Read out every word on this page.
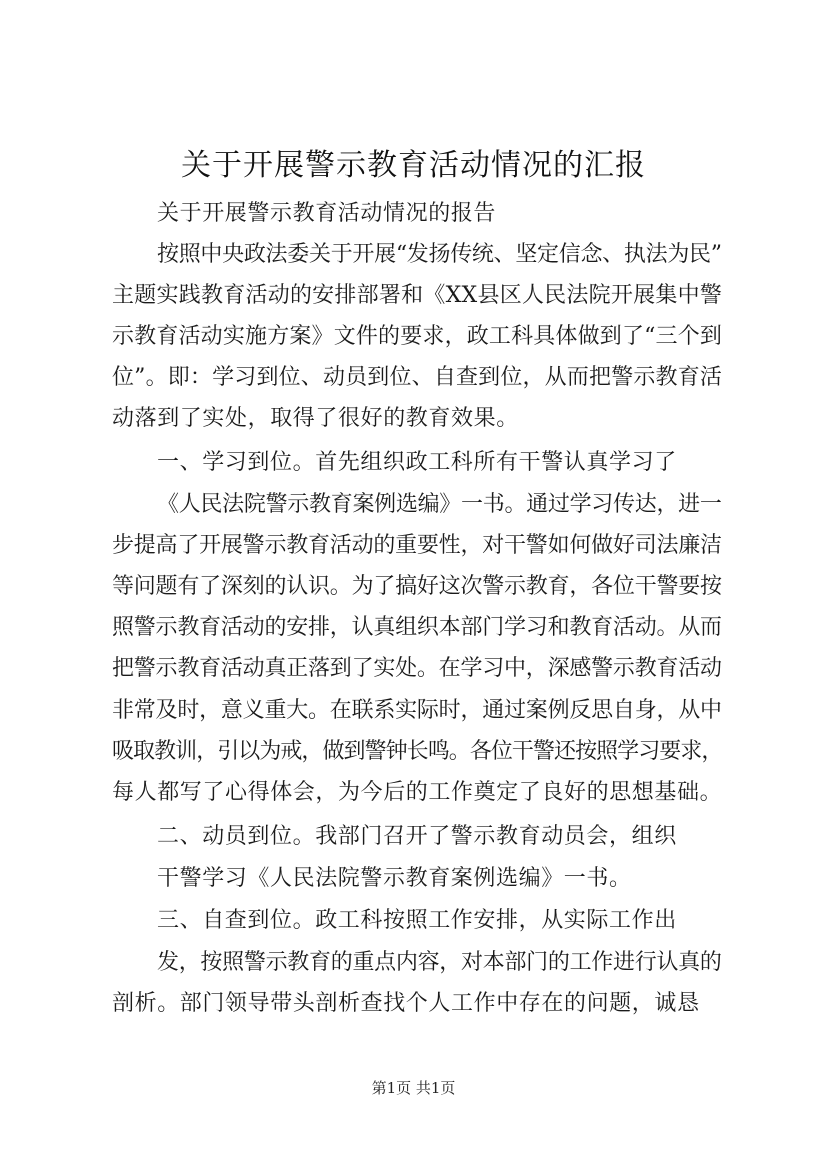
关于开展警示教育活动情况的汇报
关于开展警示教育活动情况的报告
按照中央政法委关于开展“发扬传统、坚定信念、执法为民”
主题实践教育活动的安排部署和《XX县区人民法院开展集中警
示教育活动实施方案》文件的要求，政工科具体做到了“三个到
位”。即：学习到位、动员到位、自查到位，从而把警示教育活
动落到了实处，取得了很好的教育效果。
一、学习到位。首先组织政工科所有干警认真学习了
《人民法院警示教育案例选编》一书。通过学习传达，进一
步提高了开展警示教育活动的重要性，对干警如何做好司法廉洁
等问题有了深刻的认识。为了搞好这次警示教育，各位干警要按
照警示教育活动的安排，认真组织本部门学习和教育活动。从而
把警示教育活动真正落到了实处。在学习中，深感警示教育活动
非常及时，意义重大。在联系实际时，通过案例反思自身，从中
吸取教训，引以为戒，做到警钟长鸣。各位干警还按照学习要求，
每人都写了心得体会，为今后的工作奠定了良好的思想基础。
二、动员到位。我部门召开了警示教育动员会，组织
干警学习《人民法院警示教育案例选编》一书。
三、自查到位。政工科按照工作安排，从实际工作出
发，按照警示教育的重点内容，对本部门的工作进行认真的
剖析。部门领导带头剖析查找个人工作中存在的问题，诚恳
第1页 共1页
